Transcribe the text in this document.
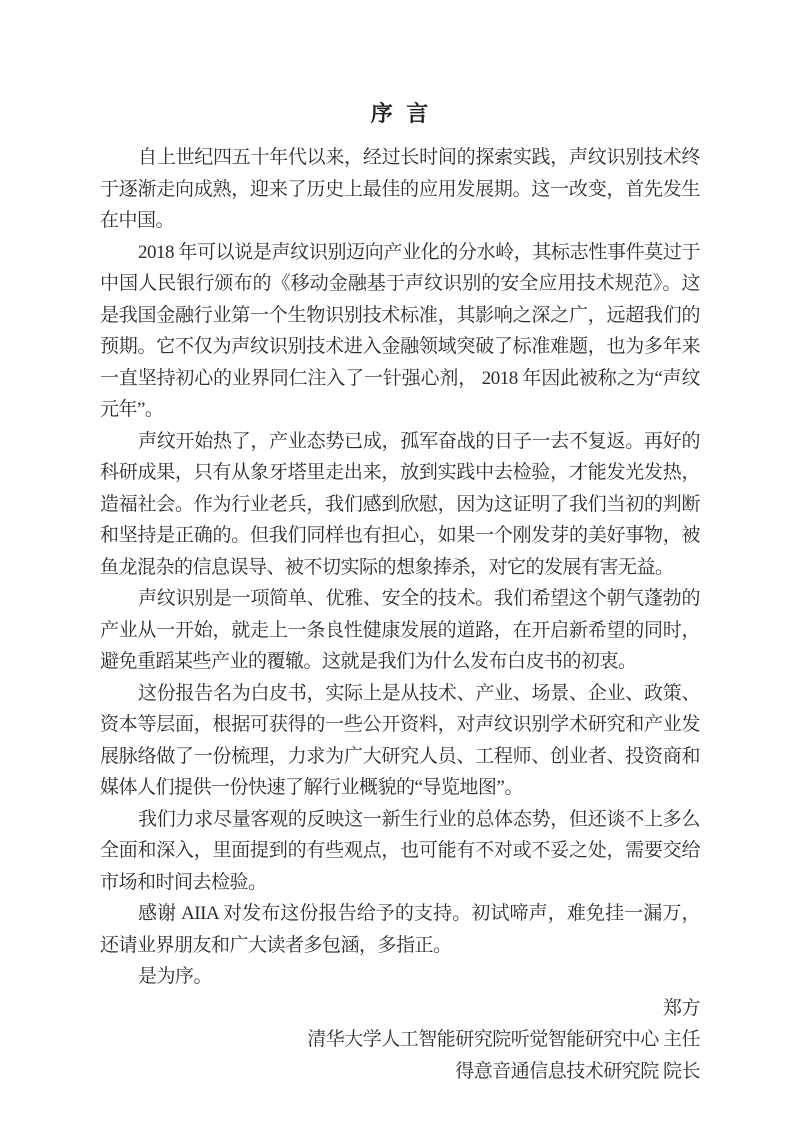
序 言

自上世纪四五十年代以来，经过长时间的探索实践，声纹识别技术终于逐渐走向成熟，迎来了历史上最佳的应用发展期。这一改变，首先发生在中国。

2018 年可以说是声纹识别迈向产业化的分水岭，其标志性事件莫过于中国人民银行颁布的《移动金融基于声纹识别的安全应用技术规范》。这是我国金融行业第一个生物识别技术标准，其影响之深之广，远超我们的预期。它不仅为声纹识别技术进入金融领域突破了标准难题，也为多年来一直坚持初心的业界同仁注入了一针强心剂， 2018 年因此被称之为“声纹元年”。

声纹开始热了，产业态势已成，孤军奋战的日子一去不复返。再好的科研成果，只有从象牙塔里走出来，放到实践中去检验，才能发光发热，造福社会。作为行业老兵，我们感到欣慰，因为这证明了我们当初的判断和坚持是正确的。但我们同样也有担心，如果一个刚发芽的美好事物，被鱼龙混杂的信息误导、被不切实际的想象捧杀，对它的发展有害无益。

声纹识别是一项简单、优雅、安全的技术。我们希望这个朝气蓬勃的产业从一开始，就走上一条良性健康发展的道路，在开启新希望的同时，避免重蹈某些产业的覆辙。这就是我们为什么发布白皮书的初衷。

这份报告名为白皮书，实际上是从技术、产业、场景、企业、政策、资本等层面，根据可获得的一些公开资料，对声纹识别学术研究和产业发展脉络做了一份梳理，力求为广大研究人员、工程师、创业者、投资商和媒体人们提供一份快速了解行业概貌的“导览地图”。

我们力求尽量客观的反映这一新生行业的总体态势，但还谈不上多么全面和深入，里面提到的有些观点，也可能有不对或不妥之处，需要交给市场和时间去检验。

感谢 AIIA 对发布这份报告给予的支持。初试啼声，难免挂一漏万，还请业界朋友和广大读者多包涵，多指正。

是为序。

郑方

清华大学人工智能研究院听觉智能研究中心 主任

得意音通信息技术研究院 院长
